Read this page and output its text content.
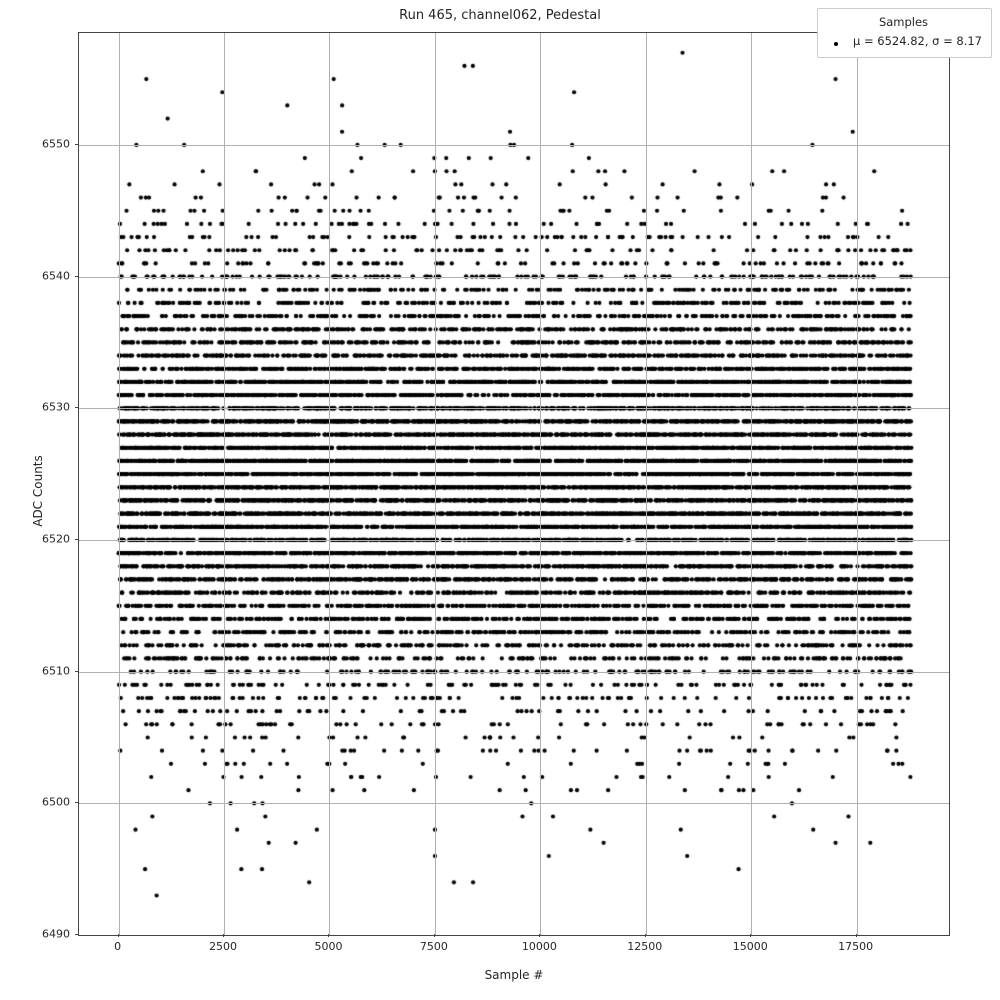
Run 465, channel062, Pedestal
Sample #
ADC Counts
Samples
μ = 6524.82, σ = 8.17
0	2500	5000	7500	10000	12500	15000	17500
6490
6500
6510
6520
6530
6540
6550
